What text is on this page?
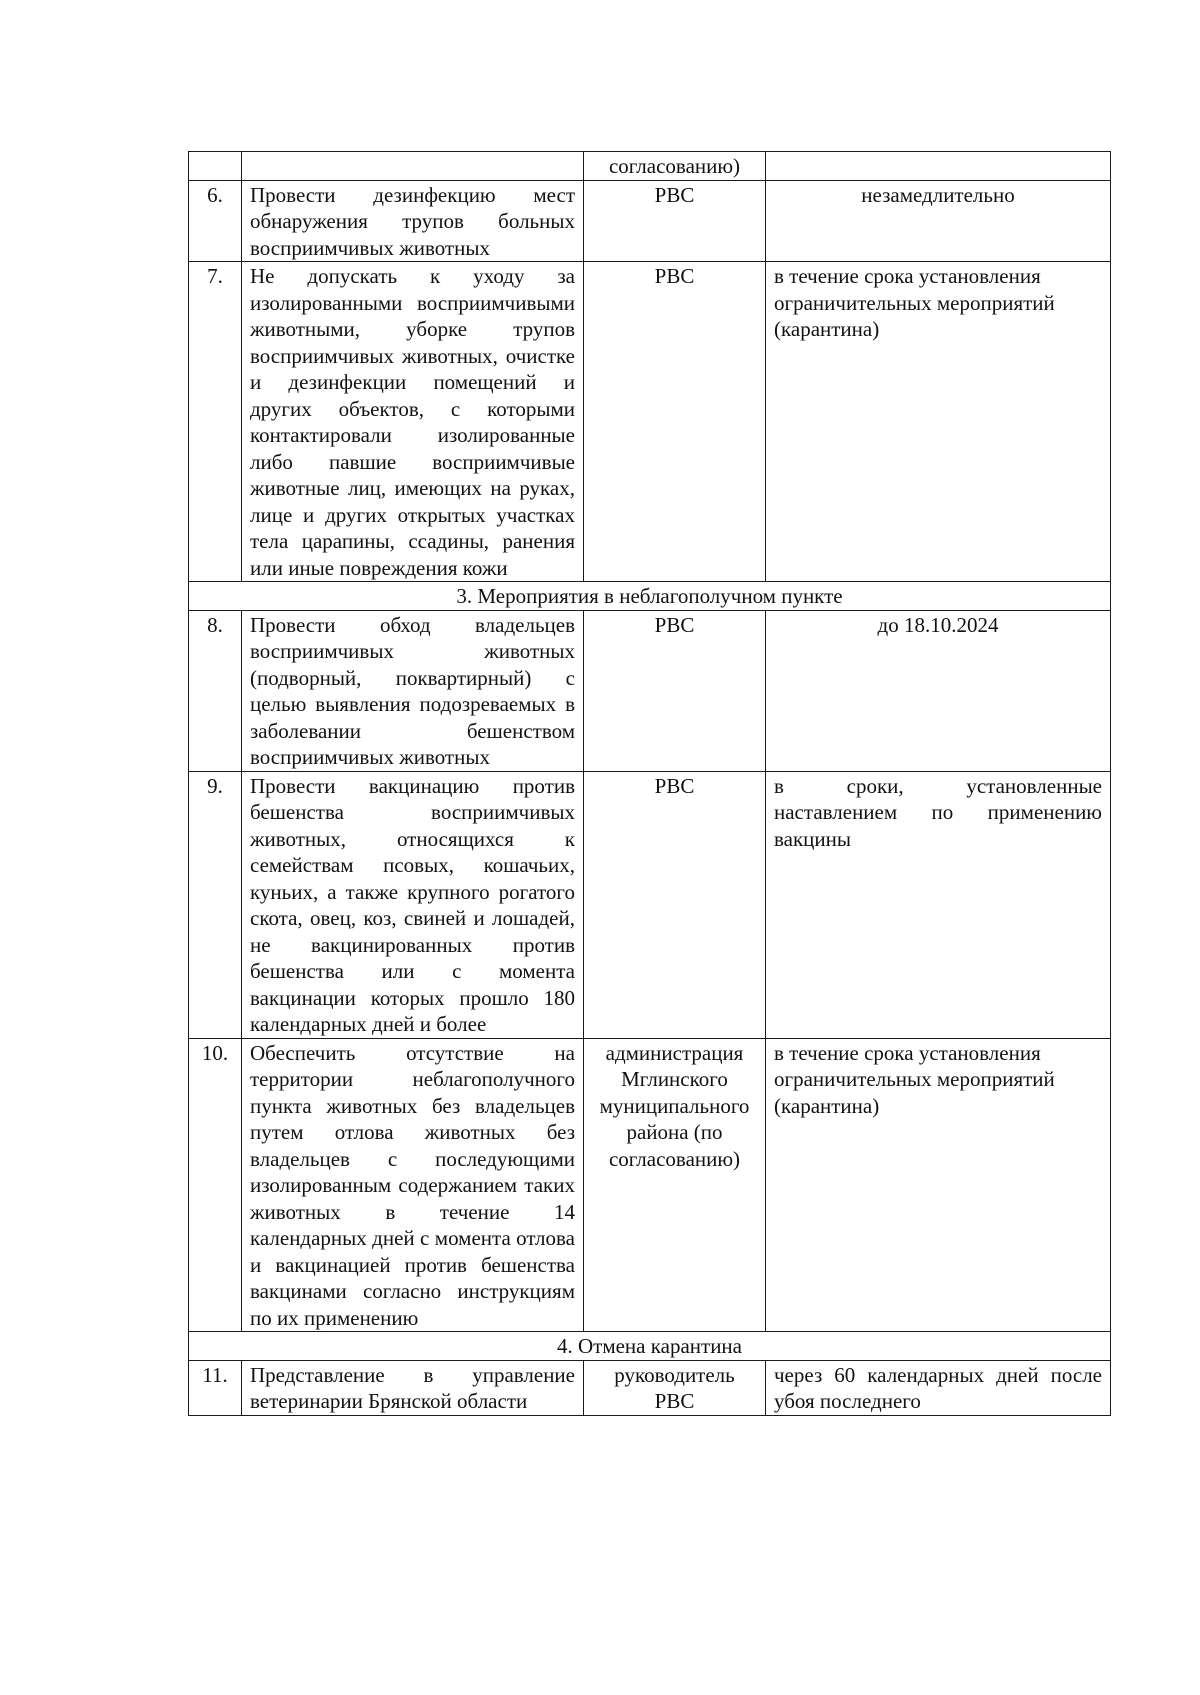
		согласованию)	
6.	Провести дезинфекцию мест обнаружения трупов больных восприимчивых животных	РВС	незамедлительно
7.	Не допускать к уходу за изолированными восприимчивыми животными, уборке трупов восприимчивых животных, очистке и дезинфекции помещений и других объектов, с которыми контактировали изолированные либо павшие восприимчивые животные лиц, имеющих на руках, лице и других открытых участках тела царапины, ссадины, ранения или иные повреждения кожи	РВС	в течение срока установления ограничительных мероприятий (карантина)
3. Мероприятия в неблагополучном пункте			
8.	Провести обход владельцев восприимчивых животных (подворный, поквартирный) с целью выявления подозреваемых в заболевании бешенством восприимчивых животных	РВС	до 18.10.2024
9.	Провести вакцинацию против бешенства восприимчивых животных, относящихся к семействам псовых, кошачьих, куньих, а также крупного рогатого скота, овец, коз, свиней и лошадей, не вакцинированных против бешенства или с момента вакцинации которых прошло 180 календарных дней и более	РВС	в сроки, установленные наставлением по применению вакцины
10.	Обеспечить отсутствие на территории неблагополучного пункта животных без владельцев путем отлова животных без владельцев с последующими изолированным содержанием таких животных в течение 14 календарных дней с момента отлова и вакцинацией против бешенства вакцинами согласно инструкциям по их применению	администрация Мглинского муниципального района (по согласованию)	в течение срока установления ограничительных мероприятий (карантина)
4. Отмена карантина			
11.	Представление в управление ветеринарии Брянской области	руководитель РВС	через 60 календарных дней после убоя последнего
